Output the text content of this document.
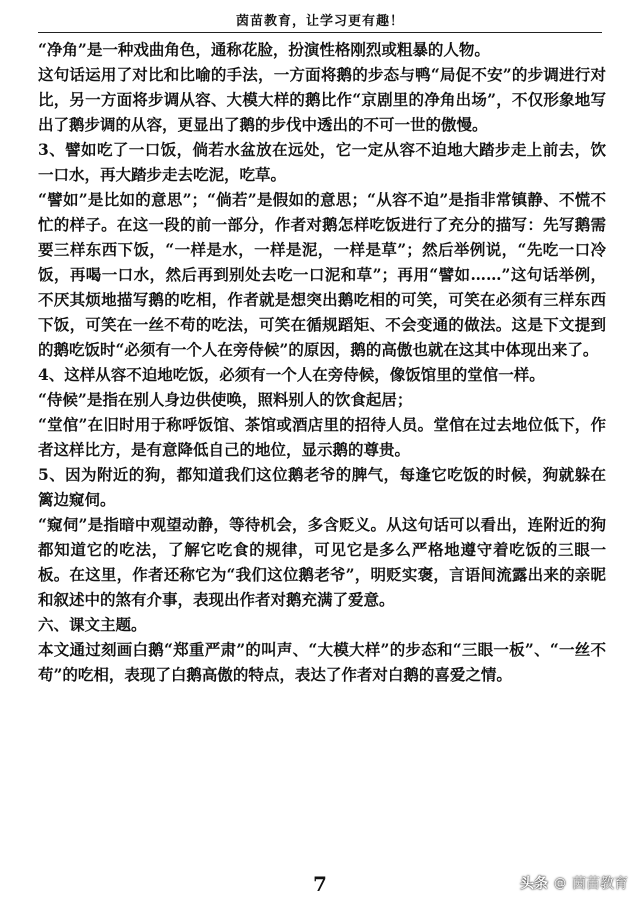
茵苗教育，让学习更有趣！

“净角”是一种戏曲角色，通称花脸，扮演性格刚烈或粗暴的人物。

这句话运用了对比和比喻的手法，一方面将鹅的步态与鸭“局促不安”的步调进行对比，另一方面将步调从容、大模大样的鹅比作“京剧里的净角出场”，不仅形象地写出了鹅步调的从容，更显出了鹅的步伐中透出的不可一世的傲慢。

3、譬如吃了一口饭，倘若水盆放在远处，它一定从容不迫地大踏步走上前去，饮一口水，再大踏步走去吃泥，吃草。

“譬如”是比如的意思”；“倘若”是假如的意思；“从容不迫”是指非常镇静、不慌不忙的样子。在这一段的前一部分，作者对鹅怎样吃饭进行了充分的描写：先写鹅需要三样东西下饭，“一样是水，一样是泥，一样是草”；然后举例说，“先吃一口冷饭，再喝一口水，然后再到别处去吃一口泥和草”；再用“譬如……”这句话举例，不厌其烦地描写鹅的吃相，作者就是想突出鹅吃相的可笑，可笑在必须有三样东西下饭，可笑在一丝不苟的吃法，可笑在循规蹈矩、不会变通的做法。这是下文提到的鹅吃饭时“必须有一个人在旁侍候”的原因，鹅的高傲也就在这其中体现出来了。

4、这样从容不迫地吃饭，必须有一个人在旁侍候，像饭馆里的堂倌一样。

“侍候”是指在别人身边供使唤，照料别人的饮食起居；

“堂倌”在旧时用于称呼饭馆、茶馆或酒店里的招待人员。堂倌在过去地位低下，作者这样比方，是有意降低自己的地位，显示鹅的尊贵。

5、因为附近的狗，都知道我们这位鹅老爷的脾气，每逢它吃饭的时候，狗就躲在篱边窥伺。

“窥伺”是指暗中观望动静，等待机会，多含贬义。从这句话可以看出，连附近的狗都知道它的吃法，了解它吃食的规律，可见它是多么严格地遵守着吃饭的三眼一板。在这里，作者还称它为“我们这位鹅老爷”，明贬实褒，言语间流露出来的亲昵和叙述中的煞有介事，表现出作者对鹅充满了爱意。

六、课文主题。

本文通过刻画白鹅“郑重严肃”的叫声、“大模大样”的步态和“三眼一板”、“一丝不苟”的吃相，表现了白鹅高傲的特点，表达了作者对白鹅的喜爱之情。

7	头条 @ 茵苗教育
